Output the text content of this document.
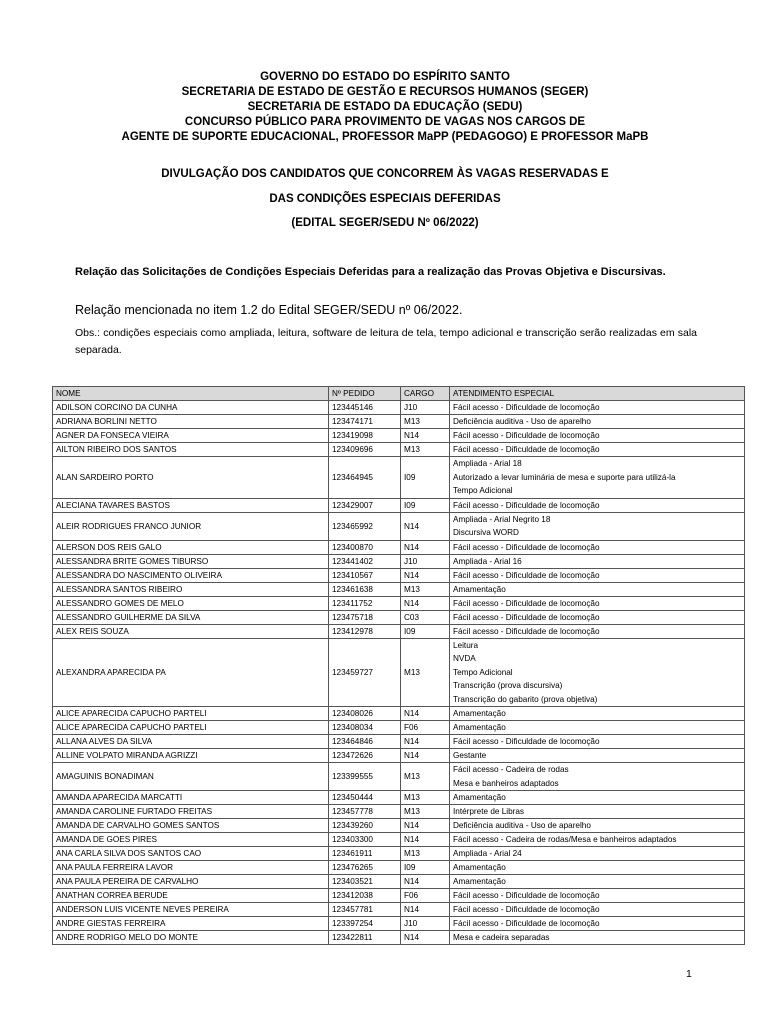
GOVERNO DO ESTADO DO ESPÍRITO SANTO
SECRETARIA DE ESTADO DE GESTÃO E RECURSOS HUMANOS (SEGER)
SECRETARIA DE ESTADO DA EDUCAÇÃO (SEDU)
CONCURSO PÚBLICO PARA PROVIMENTO DE VAGAS NOS CARGOS DE
AGENTE DE SUPORTE EDUCACIONAL, PROFESSOR MaPP (PEDAGOGO) E PROFESSOR MaPB
DIVULGAÇÃO DOS CANDIDATOS QUE CONCORREM ÀS VAGAS RESERVADAS E
DAS CONDIÇÕES ESPECIAIS DEFERIDAS
(EDITAL SEGER/SEDU Nº 06/2022)
Relação das Solicitações de Condições Especiais Deferidas para a realização das Provas Objetiva e Discursivas.
Relação mencionada no item 1.2 do Edital SEGER/SEDU nº 06/2022.
Obs.: condições especiais como ampliada, leitura, software de leitura de tela, tempo adicional e transcrição serão realizadas em sala separada.
NOME	Nº PEDIDO	CARGO	ATENDIMENTO ESPECIAL
ADILSON CORCINO DA CUNHA	123445146	J10	Fácil acesso - Dificuldade de locomoção

ADRIANA BORLINI NETTO	123474171	M13	Deficiência auditiva - Uso de aparelho

AGNER DA FONSECA VIEIRA	123419098	N14	Fácil acesso - Dificuldade de locomoção

AILTON RIBEIRO DOS SANTOS	123409696	M13	Fácil acesso - Dificuldade de locomoção

ALAN SARDEIRO PORTO	123464945	I09	Ampliada - Arial 18
Autorizado a levar luminária de mesa e suporte para utilizá-la
Tempo Adicional

ALECIANA TAVARES BASTOS	123429007	I09	Fácil acesso - Dificuldade de locomoção

ALEIR RODRIGUES FRANCO JUNIOR	123465992	N14	Ampliada - Arial Negrito 18
Discursiva WORD

ALERSON DOS REIS GALO	123400870	N14	Fácil acesso - Dificuldade de locomoção

ALESSANDRA BRITE GOMES TIBURSO	123441402	J10	Ampliada - Arial 16

ALESSANDRA DO NASCIMENTO OLIVEIRA	123410567	N14	Fácil acesso - Dificuldade de locomoção

ALESSANDRA SANTOS RIBEIRO	123461638	M13	Amamentação

ALESSANDRO GOMES DE MELO	123411752	N14	Fácil acesso - Dificuldade de locomoção

ALESSANDRO GUILHERME DA SILVA	123475718	C03	Fácil acesso - Dificuldade de locomoção

ALEX REIS SOUZA	123412978	I09	Fácil acesso - Dificuldade de locomoção

ALEXANDRA APARECIDA PA	123459727	M13	Leitura
NVDA
Tempo Adicional
Transcrição (prova discursiva)
Transcrição do gabarito (prova objetiva)

ALICE APARECIDA CAPUCHO PARTELI	123408026	N14	Amamentação

ALICE APARECIDA CAPUCHO PARTELI	123408034	F06	Amamentação

ALLANA ALVES DA SILVA	123464846	N14	Fácil acesso - Dificuldade de locomoção

ALLINE VOLPATO MIRANDA AGRIZZI	123472626	N14	Gestante

AMAGUINIS BONADIMAN	123399555	M13	Fácil acesso - Cadeira de rodas
Mesa e banheiros adaptados

AMANDA APARECIDA MARCATTI	123450444	M13	Amamentação

AMANDA CAROLINE FURTADO FREITAS	123457778	M13	Intérprete de Libras

AMANDA DE CARVALHO GOMES SANTOS	123439260	N14	Deficiência auditiva - Uso de aparelho

AMANDA DE GOES PIRES	123403300	N14	Fácil acesso - Cadeira de rodas/Mesa e banheiros adaptados

ANA CARLA SILVA DOS SANTOS CAO	123461911	M13	Ampliada - Arial 24

ANA PAULA FERREIRA LAVOR	123476265	I09	Amamentação

ANA PAULA PEREIRA DE CARVALHO	123403521	N14	Amamentação

ANATHAN CORREA BERUDE	123412038	F06	Fácil acesso - Dificuldade de locomoção

ANDERSON LUIS VICENTE NEVES PEREIRA	123457781	N14	Fácil acesso - Dificuldade de locomoção

ANDRE GIESTAS FERREIRA	123397254	J10	Fácil acesso - Dificuldade de locomoção

ANDRE RODRIGO MELO DO MONTE	123422811	N14	Mesa e cadeira separadas
1
